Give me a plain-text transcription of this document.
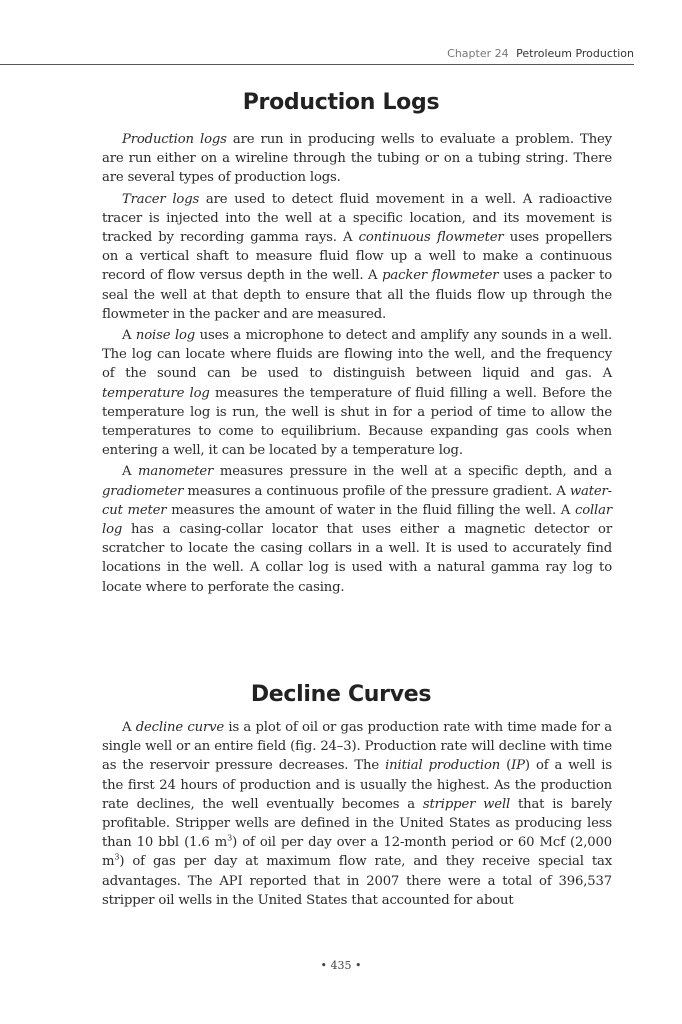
Chapter 24 Petroleum Production
Production Logs

Production logs are run in producing wells to evaluate a problem. They are run either on a wireline through the tubing or on a tubing string. There are several types of production logs.

Tracer logs are used to detect fluid movement in a well. A radioactive tracer is injected into the well at a specific location, and its movement is tracked by recording gamma rays. A continuous flowmeter uses propellers on a vertical shaft to measure fluid flow up a well to make a continuous record of flow versus depth in the well. A packer flowmeter uses a packer to seal the well at that depth to ensure that all the fluids flow up through the flowmeter in the packer and are measured.

A noise log uses a microphone to detect and amplify any sounds in a well. The log can locate where fluids are flowing into the well, and the frequency of the sound can be used to distinguish between liquid and gas. A temperature log measures the temperature of fluid filling a well. Before the temperature log is run, the well is shut in for a period of time to allow the temperatures to come to equilibrium. Because expanding gas cools when entering a well, it can be located by a temperature log.

A manometer measures pressure in the well at a specific depth, and a gradiometer measures a continuous profile of the pressure gradient. A water-cut meter measures the amount of water in the fluid filling the well. A collar log has a casing-collar locator that uses either a magnetic detector or scratcher to locate the casing collars in a well. It is used to accurately find locations in the well. A collar log is used with a natural gamma ray log to locate where to perforate the casing.

Decline Curves

A decline curve is a plot of oil or gas production rate with time made for a single well or an entire field (fig. 24–3). Production rate will decline with time as the reservoir pressure decreases. The initial production (IP) of a well is the first 24 hours of production and is usually the highest. As the production rate declines, the well eventually becomes a stripper well that is barely profitable. Stripper wells are defined in the United States as producing less than 10 bbl (1.6 $m^3$) of oil per day over a 12-month period or 60 Mcf (2,000 $m^3$) of gas per day at maximum flow rate, and they receive special tax advantages. The API reported that in 2007 there were a total of 396,537 stripper oil wells in the United States that accounted for about

• 435 •
